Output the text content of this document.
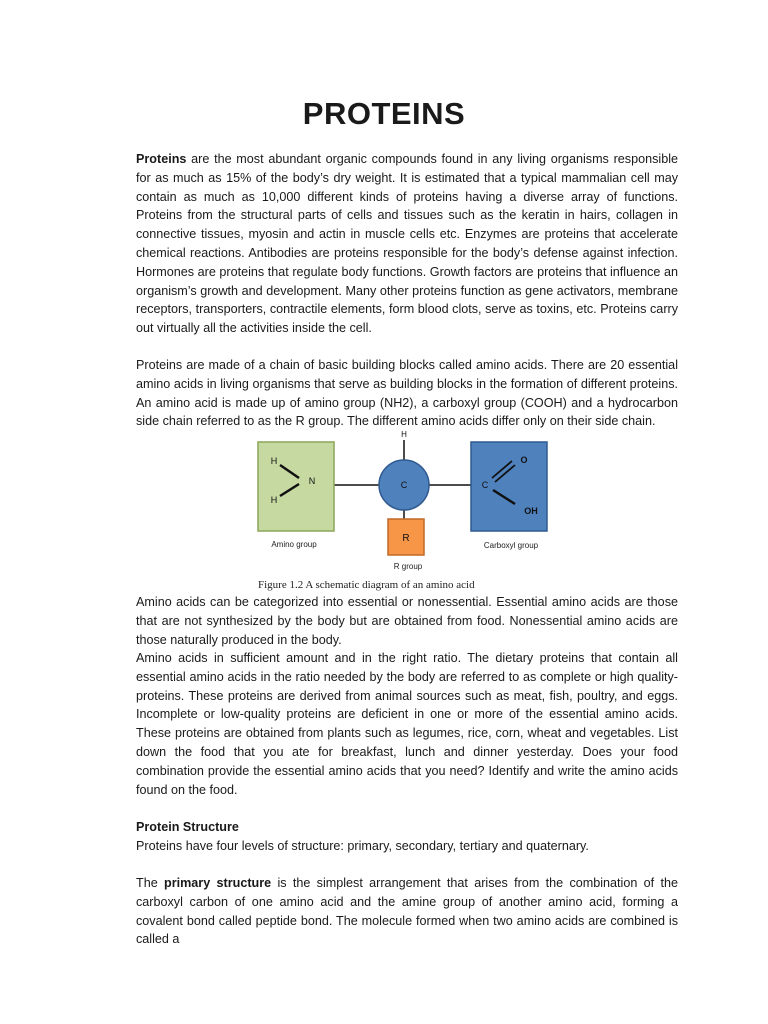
PROTEINS

Proteins are the most abundant organic compounds found in any living organisms responsible for as much as 15% of the body’s dry weight. It is estimated that a typical mammalian cell may contain as much as 10,000 different kinds of proteins having a diverse array of functions. Proteins from the structural parts of cells and tissues such as the keratin in hairs, collagen in connective tissues, myosin and actin in muscle cells etc. Enzymes are proteins that accelerate chemical reactions. Antibodies are proteins responsible for the body’s defense against infection. Hormones are proteins that regulate body functions. Growth factors are proteins that influence an organism’s growth and development. Many other proteins function as gene activators, membrane receptors, transporters, contractile elements, form blood clots, serve as toxins, etc. Proteins carry out virtually all the activities inside the cell.

Proteins are made of a chain of basic building blocks called amino acids. There are 20 essential amino acids in living organisms that serve as building blocks in the formation of different proteins. An amino acid is made up of amino group (NH2), a carboxyl group (COOH) and a hydrocarbon side chain referred to as the R group. The different amino acids differ only on their side chain.

H
H
N
Amino group
H
C
R
R group
C
O
OH
Carboxyl group
Figure 1.2 A schematic diagram of an amino acid

Amino acids can be categorized into essential or nonessential. Essential amino acids are those that are not synthesized by the body but are obtained from food. Nonessential amino acids are those naturally produced in the body.

Amino acids in sufficient amount and in the right ratio. The dietary proteins that contain all essential amino acids in the ratio needed by the body are referred to as complete or high quality-proteins. These proteins are derived from animal sources such as meat, fish, poultry, and eggs. Incomplete or low-quality proteins are deficient in one or more of the essential amino acids. These proteins are obtained from plants such as legumes, rice, corn, wheat and vegetables. List down the food that you ate for breakfast, lunch and dinner yesterday. Does your food combination provide the essential amino acids that you need? Identify and write the amino acids found on the food.

Protein Structure

Proteins have four levels of structure: primary, secondary, tertiary and quaternary.

The primary structure is the simplest arrangement that arises from the combination of the carboxyl carbon of one amino acid and the amine group of another amino acid, forming a covalent bond called peptide bond. The molecule formed when two amino acids are combined is called a
